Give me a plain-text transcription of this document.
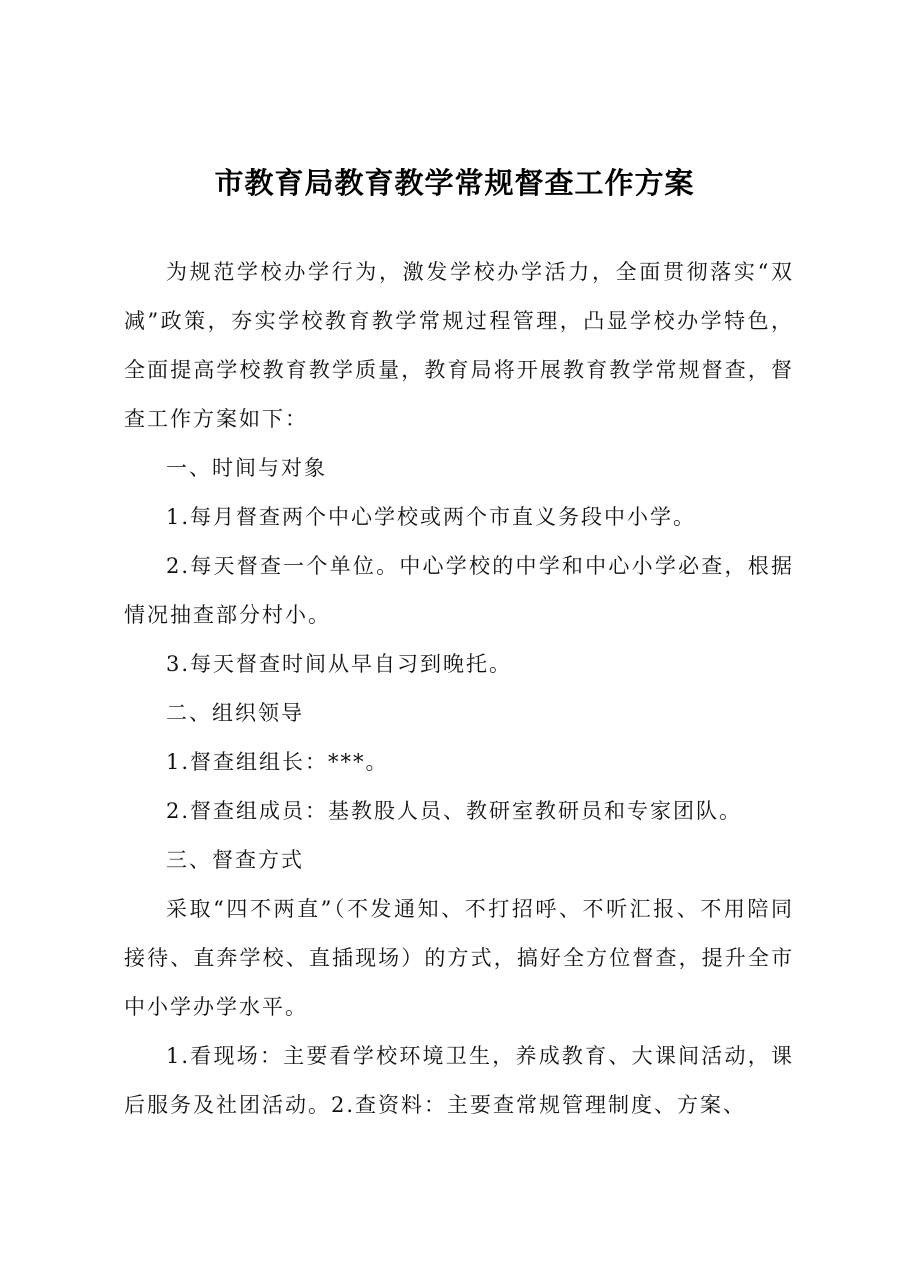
市教育局教育教学常规督查工作方案

为规范学校办学行为，激发学校办学活力，全面贯彻落实“双减”政策，夯实学校教育教学常规过程管理，凸显学校办学特色，全面提高学校教育教学质量，教育局将开展教育教学常规督查，督查工作方案如下：

一、时间与对象

1.每月督查两个中心学校或两个市直义务段中小学。

2.每天督查一个单位。中心学校的中学和中心小学必查，根据情况抽查部分村小。

3.每天督查时间从早自习到晚托。

二、组织领导

1.督查组组长：***。

2.督查组成员：基教股人员、教研室教研员和专家团队。

三、督查方式

采取“四不两直”（不发通知、不打招呼、不听汇报、不用陪同接待、直奔学校、直插现场）的方式，搞好全方位督查，提升全市中小学办学水平。

1.看现场：主要看学校环境卫生，养成教育、大课间活动，课后服务及社团活动。2.查资料：主要查常规管理制度、方案、
